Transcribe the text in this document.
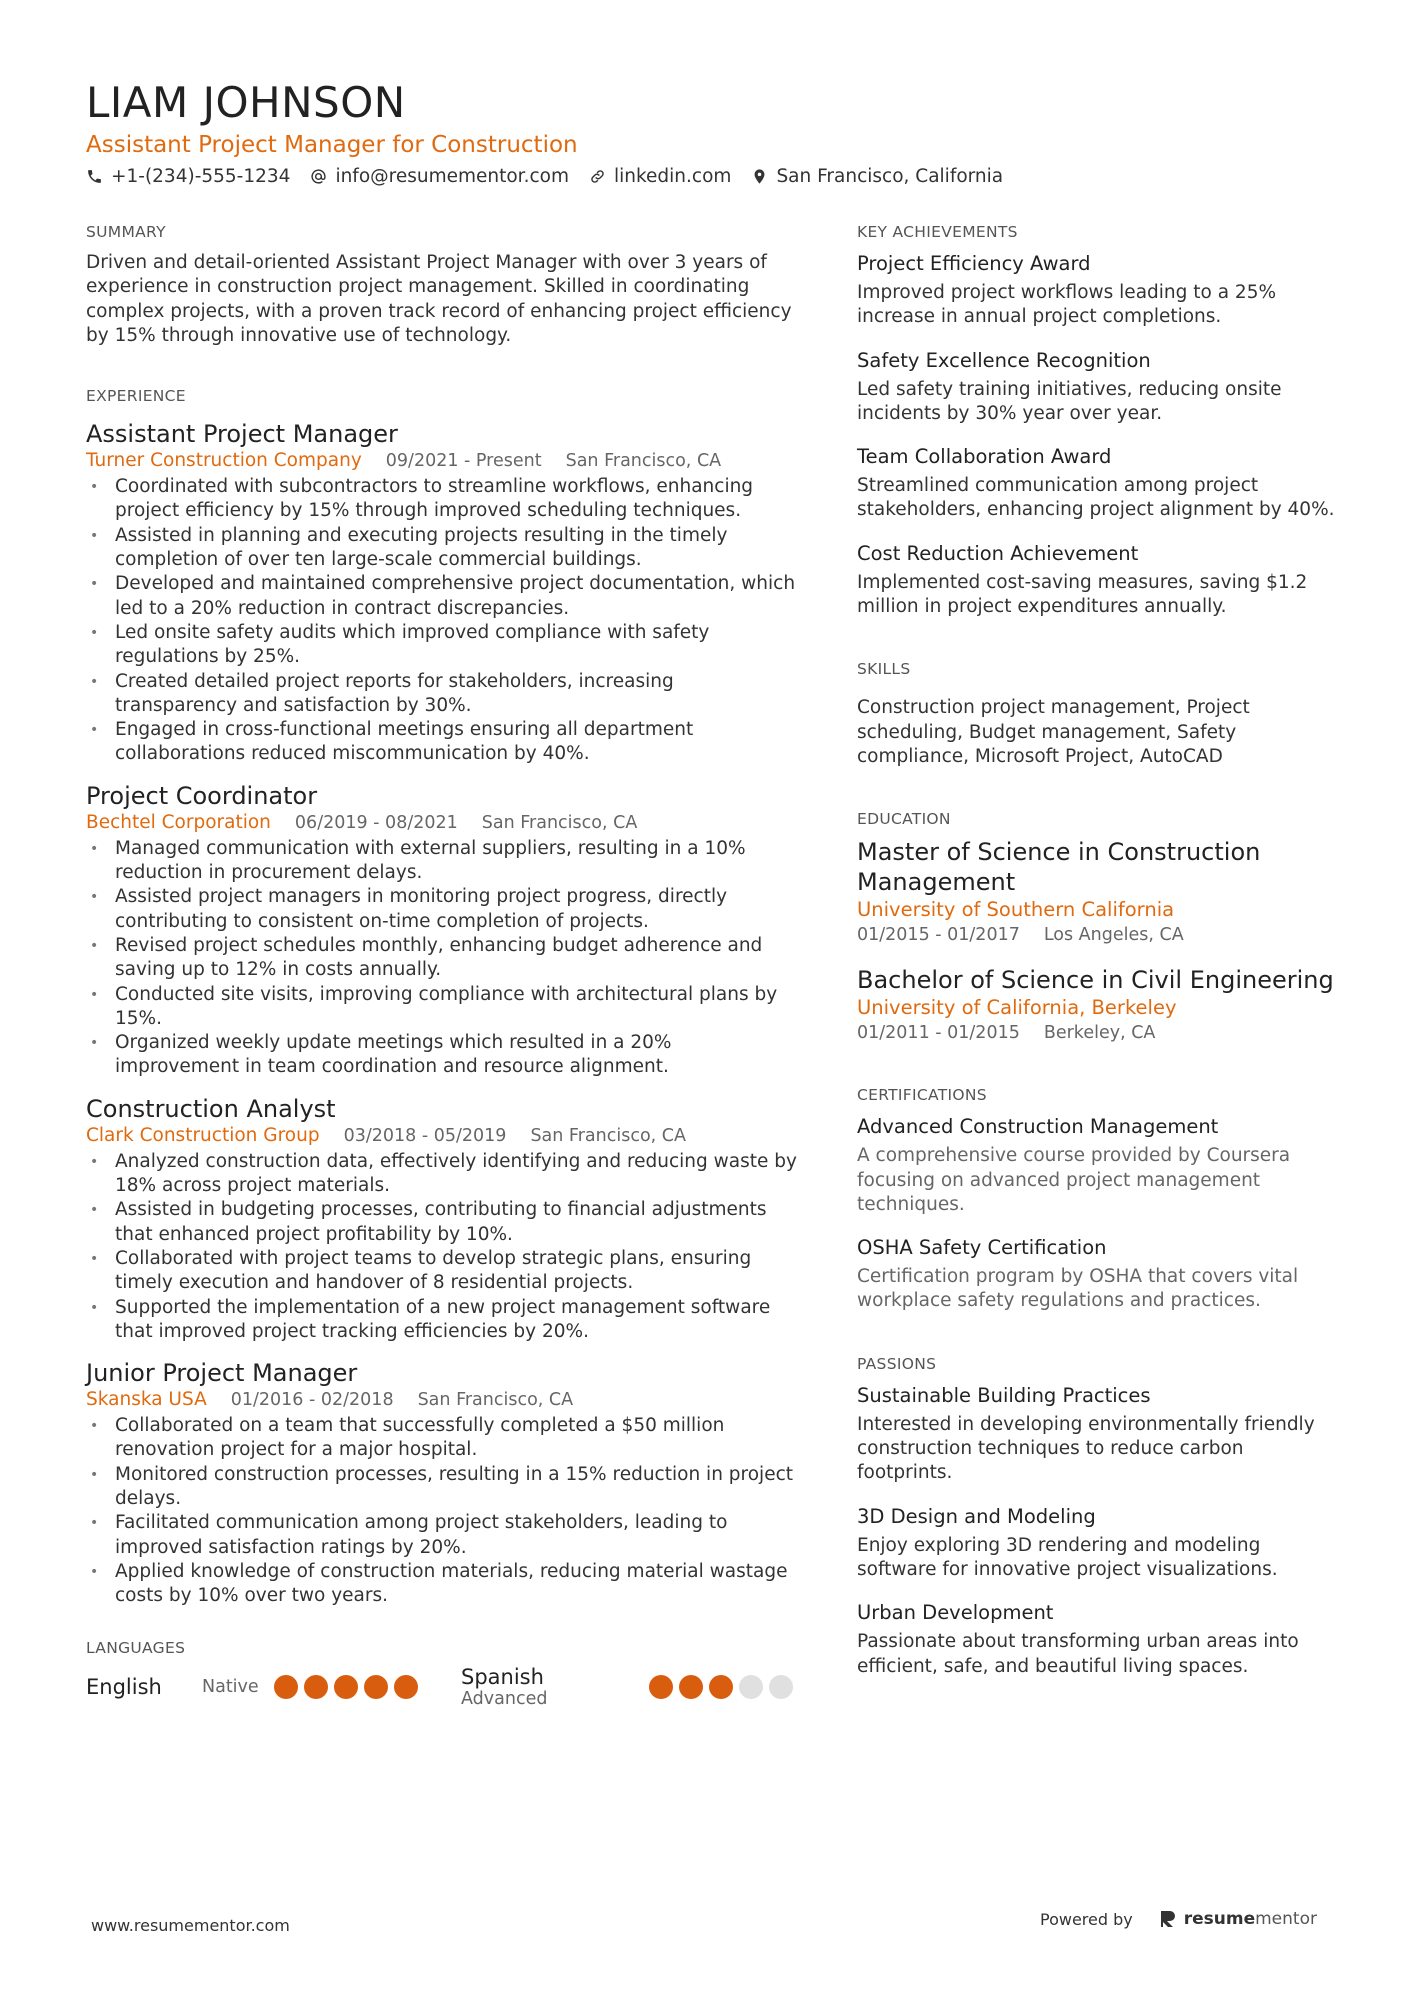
LIAM JOHNSON
Assistant Project Manager for Construction
+1-(234)-555-1234 info@resumementor.com linkedin.com San Francisco, California
SUMMARY

Driven and detail-oriented Assistant Project Manager with over 3 years of experience in construction project management. Skilled in coordinating complex projects, with a proven track record of enhancing project efficiency by 15% through innovative use of technology.

EXPERIENCE
Assistant Project Manager
Turner Construction Company 09/2021 - Present San Francisco, CA
• Coordinated with subcontractors to streamline workflows, enhancing project efficiency by 15% through improved scheduling techniques.
• Assisted in planning and executing projects resulting in the timely completion of over ten large-scale commercial buildings.
• Developed and maintained comprehensive project documentation, which led to a 20% reduction in contract discrepancies.
• Led onsite safety audits which improved compliance with safety regulations by 25%.
• Created detailed project reports for stakeholders, increasing transparency and satisfaction by 30%.
• Engaged in cross-functional meetings ensuring all department collaborations reduced miscommunication by 40%.
Project Coordinator
Bechtel Corporation 06/2019 - 08/2021 San Francisco, CA
• Managed communication with external suppliers, resulting in a 10% reduction in procurement delays.
• Assisted project managers in monitoring project progress, directly contributing to consistent on-time completion of projects.
• Revised project schedules monthly, enhancing budget adherence and saving up to 12% in costs annually.
• Conducted site visits, improving compliance with architectural plans by 15%.
• Organized weekly update meetings which resulted in a 20% improvement in team coordination and resource alignment.
Construction Analyst
Clark Construction Group 03/2018 - 05/2019 San Francisco, CA
• Analyzed construction data, effectively identifying and reducing waste by 18% across project materials.
• Assisted in budgeting processes, contributing to financial adjustments that enhanced project profitability by 10%.
• Collaborated with project teams to develop strategic plans, ensuring timely execution and handover of 8 residential projects.
• Supported the implementation of a new project management software that improved project tracking efficiencies by 20%.
Junior Project Manager
Skanska USA 01/2016 - 02/2018 San Francisco, CA
• Collaborated on a team that successfully completed a $50 million renovation project for a major hospital.
• Monitored construction processes, resulting in a 15% reduction in project delays.
• Facilitated communication among project stakeholders, leading to improved satisfaction ratings by 20%.
• Applied knowledge of construction materials, reducing material wastage costs by 10% over two years.
LANGUAGES
English	Native	Spanish
Advanced
KEY ACHIEVEMENTS
Project Efficiency Award
Improved project workflows leading to a 25% increase in annual project completions.
Safety Excellence Recognition
Led safety training initiatives, reducing onsite incidents by 30% year over year.
Team Collaboration Award
Streamlined communication among project stakeholders, enhancing project alignment by 40%.
Cost Reduction Achievement
Implemented cost-saving measures, saving $1.2 million in project expenditures annually.
SKILLS

Construction project management, Project scheduling, Budget management, Safety compliance, Microsoft Project, AutoCAD

EDUCATION
Master of Science in Construction Management
University of Southern California
01/2015 - 01/2017 Los Angeles, CA
Bachelor of Science in Civil Engineering
University of California, Berkeley
01/2011 - 01/2015 Berkeley, CA
CERTIFICATIONS
Advanced Construction Management
A comprehensive course provided by Coursera focusing on advanced project management techniques.
OSHA Safety Certification
Certification program by OSHA that covers vital workplace safety regulations and practices.
PASSIONS
Sustainable Building Practices
Interested in developing environmentally friendly construction techniques to reduce carbon footprints.
3D Design and Modeling
Enjoy exploring 3D rendering and modeling software for innovative project visualizations.
Urban Development
Passionate about transforming urban areas into efficient, safe, and beautiful living spaces.
www.resumementor.com	Powered by	resumementor
